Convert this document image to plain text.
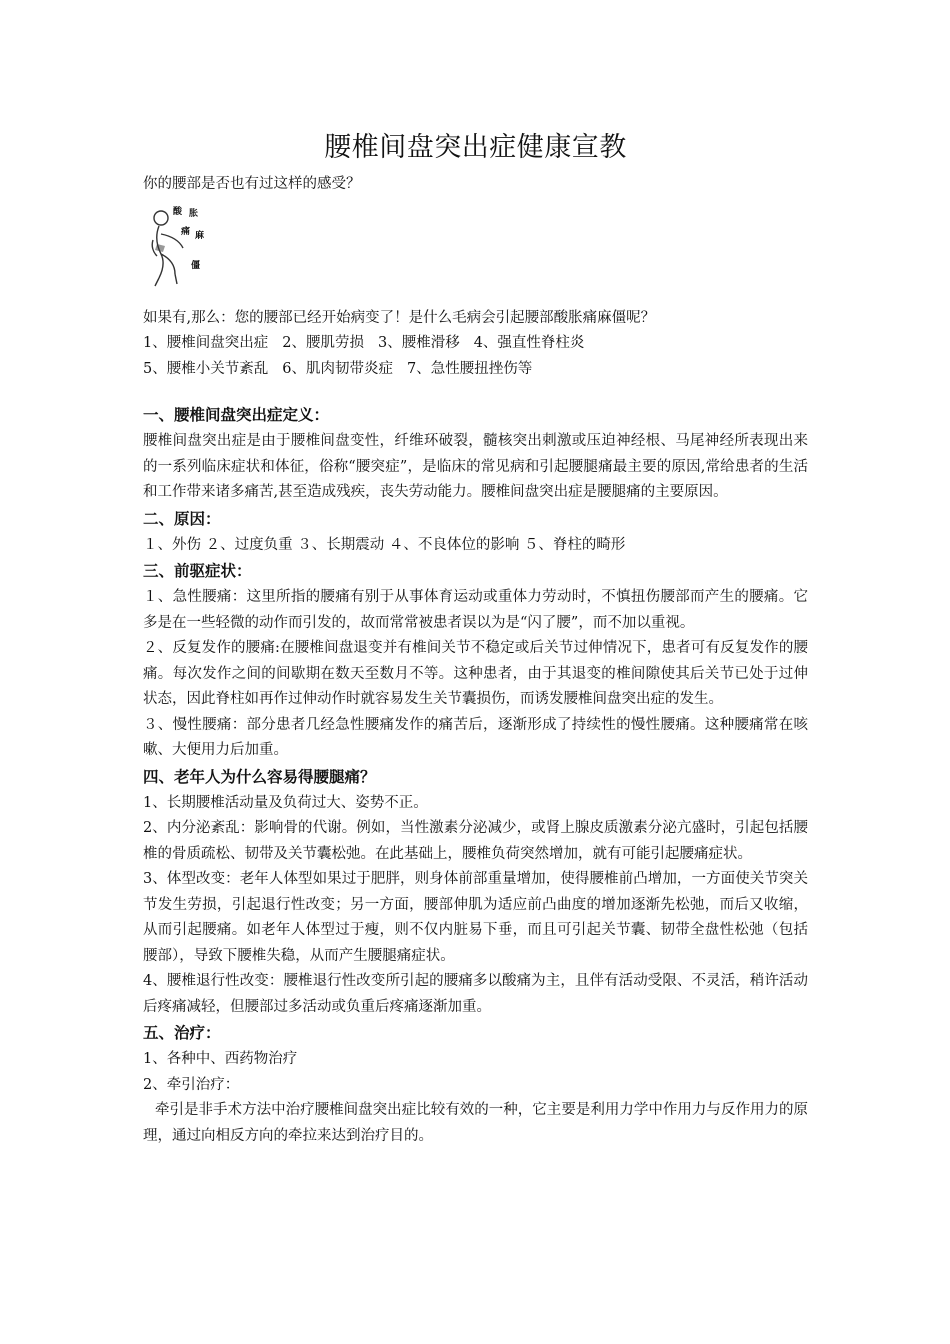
腰椎间盘突出症健康宣教

你的腰部是否也有过这样的感受？

酸 胀
痛 麻
僵

如果有,那么：您的腰部已经开始病变了！是什么毛病会引起腰部酸胀痛麻僵呢？

1、腰椎间盘突出症 2、腰肌劳损 3、腰椎滑移 4、强直性脊柱炎

5、腰椎小关节紊乱 6、肌肉韧带炎症 7、急性腰扭挫伤等

一、腰椎间盘突出症定义：

腰椎间盘突出症是由于腰椎间盘变性，纤维环破裂，髓核突出刺激或压迫神经根、马尾神经所表现出来的一系列临床症状和体征，俗称“腰突症”，是临床的常见病和引起腰腿痛最主要的原因,常给患者的生活和工作带来诸多痛苦,甚至造成残疾，丧失劳动能力。腰椎间盘突出症是腰腿痛的主要原因。

二、原因：

１、外伤 ２、过度负重 ３、长期震动 ４、不良体位的影响 ５、脊柱的畸形

三、前驱症状：

１、急性腰痛：这里所指的腰痛有别于从事体育运动或重体力劳动时，不慎扭伤腰部而产生的腰痛。它多是在一些轻微的动作而引发的，故而常常被患者误以为是“闪了腰”，而不加以重视。

２、反复发作的腰痛:在腰椎间盘退变并有椎间关节不稳定或后关节过伸情况下，患者可有反复发作的腰痛。每次发作之间的间歇期在数天至数月不等。这种患者，由于其退变的椎间隙使其后关节已处于过伸状态，因此脊柱如再作过伸动作时就容易发生关节囊损伤，而诱发腰椎间盘突出症的发生。

３、慢性腰痛：部分患者几经急性腰痛发作的痛苦后，逐渐形成了持续性的慢性腰痛。这种腰痛常在咳嗽、大便用力后加重。

四、老年人为什么容易得腰腿痛？

1、长期腰椎活动量及负荷过大、姿势不正。

2、内分泌紊乱：影响骨的代谢。例如，当性激素分泌减少，或肾上腺皮质激素分泌亢盛时，引起包括腰椎的骨质疏松、韧带及关节囊松弛。在此基础上，腰椎负荷突然增加，就有可能引起腰痛症状。

3、体型改变：老年人体型如果过于肥胖，则身体前部重量增加，使得腰椎前凸增加，一方面使关节突关节发生劳损，引起退行性改变；另一方面，腰部伸肌为适应前凸曲度的增加逐渐先松弛，而后又收缩，从而引起腰痛。如老年人体型过于瘦，则不仅内脏易下垂，而且可引起关节囊、韧带全盘性松弛（包括腰部），导致下腰椎失稳，从而产生腰腿痛症状。

4、腰椎退行性改变：腰椎退行性改变所引起的腰痛多以酸痛为主，且伴有活动受限、不灵活，稍许活动后疼痛减轻，但腰部过多活动或负重后疼痛逐渐加重。

五、治疗：

1、各种中、西药物治疗

2、牵引治疗：

牵引是非手术方法中治疗腰椎间盘突出症比较有效的一种，它主要是利用力学中作用力与反作用力的原理，通过向相反方向的牵拉来达到治疗目的。
